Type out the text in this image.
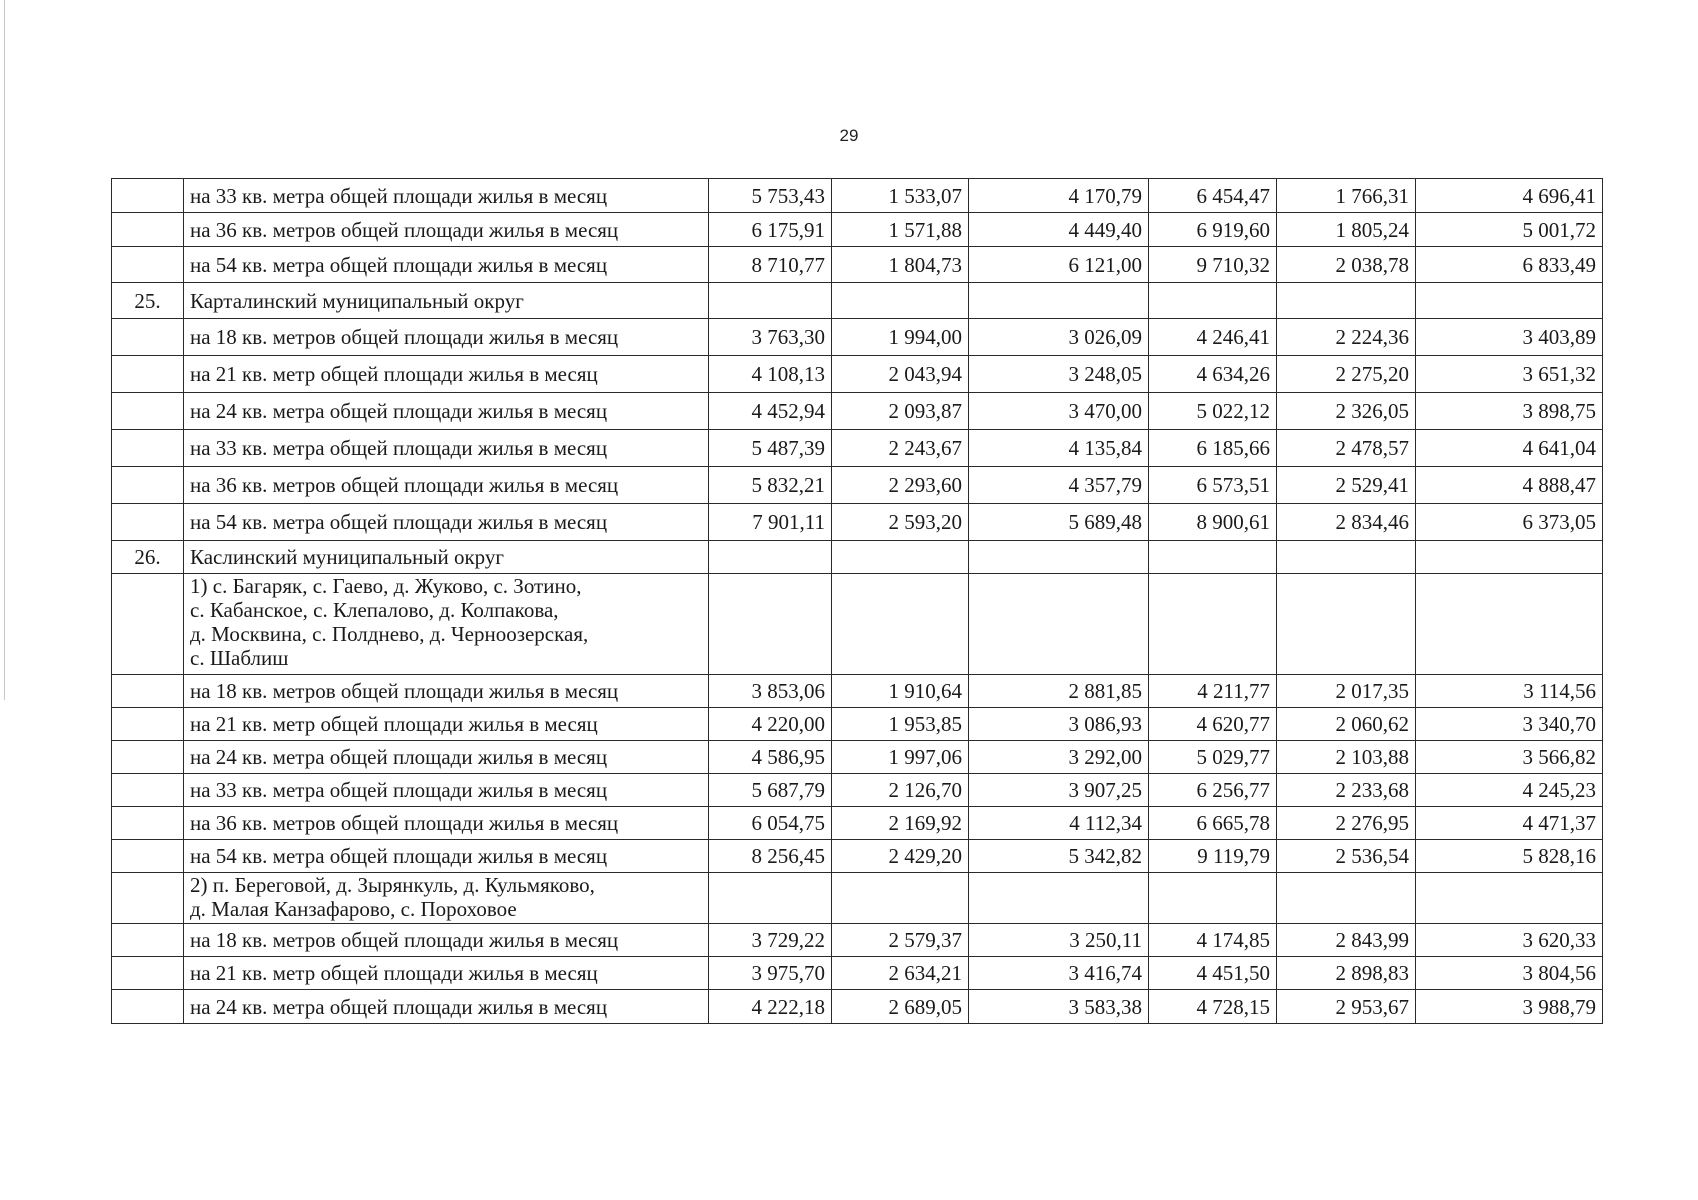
29
	на 33 кв. метра общей площади жилья в месяц	5 753,43	1 533,07	4 170,79	6 454,47	1 766,31	4 696,41
	на 36 кв. метров общей площади жилья в месяц	6 175,91	1 571,88	4 449,40	6 919,60	1 805,24	5 001,72
	на 54 кв. метра общей площади жилья в месяц	8 710,77	1 804,73	6 121,00	9 710,32	2 038,78	6 833,49
25.	Карталинский муниципальный округ						
	на 18 кв. метров общей площади жилья в месяц	3 763,30	1 994,00	3 026,09	4 246,41	2 224,36	3 403,89
	на 21 кв. метр общей площади жилья в месяц	4 108,13	2 043,94	3 248,05	4 634,26	2 275,20	3 651,32
	на 24 кв. метра общей площади жилья в месяц	4 452,94	2 093,87	3 470,00	5 022,12	2 326,05	3 898,75
	на 33 кв. метра общей площади жилья в месяц	5 487,39	2 243,67	4 135,84	6 185,66	2 478,57	4 641,04
	на 36 кв. метров общей площади жилья в месяц	5 832,21	2 293,60	4 357,79	6 573,51	2 529,41	4 888,47
	на 54 кв. метра общей площади жилья в месяц	7 901,11	2 593,20	5 689,48	8 900,61	2 834,46	6 373,05
26.	Каслинский муниципальный округ						

	1) с. Багаряк, с. Гаево, д. Жуково, с. Зотино,
с. Кабанское, с. Клепалово, д. Колпакова,
д. Москвина, с. Полднево, д. Черноозерская,
с. Шаблиш						

	на 18 кв. метров общей площади жилья в месяц	3 853,06	1 910,64	2 881,85	4 211,77	2 017,35	3 114,56
	на 21 кв. метр общей площади жилья в месяц	4 220,00	1 953,85	3 086,93	4 620,77	2 060,62	3 340,70
	на 24 кв. метра общей площади жилья в месяц	4 586,95	1 997,06	3 292,00	5 029,77	2 103,88	3 566,82
	на 33 кв. метра общей площади жилья в месяц	5 687,79	2 126,70	3 907,25	6 256,77	2 233,68	4 245,23
	на 36 кв. метров общей площади жилья в месяц	6 054,75	2 169,92	4 112,34	6 665,78	2 276,95	4 471,37
	на 54 кв. метра общей площади жилья в месяц	8 256,45	2 429,20	5 342,82	9 119,79	2 536,54	5 828,16

	2) п. Береговой, д. Зырянкуль, д. Кульмяково,
д. Малая Канзафарово, с. Пороховое						

	на 18 кв. метров общей площади жилья в месяц	3 729,22	2 579,37	3 250,11	4 174,85	2 843,99	3 620,33
	на 21 кв. метр общей площади жилья в месяц	3 975,70	2 634,21	3 416,74	4 451,50	2 898,83	3 804,56
	на 24 кв. метра общей площади жилья в месяц	4 222,18	2 689,05	3 583,38	4 728,15	2 953,67	3 988,79
